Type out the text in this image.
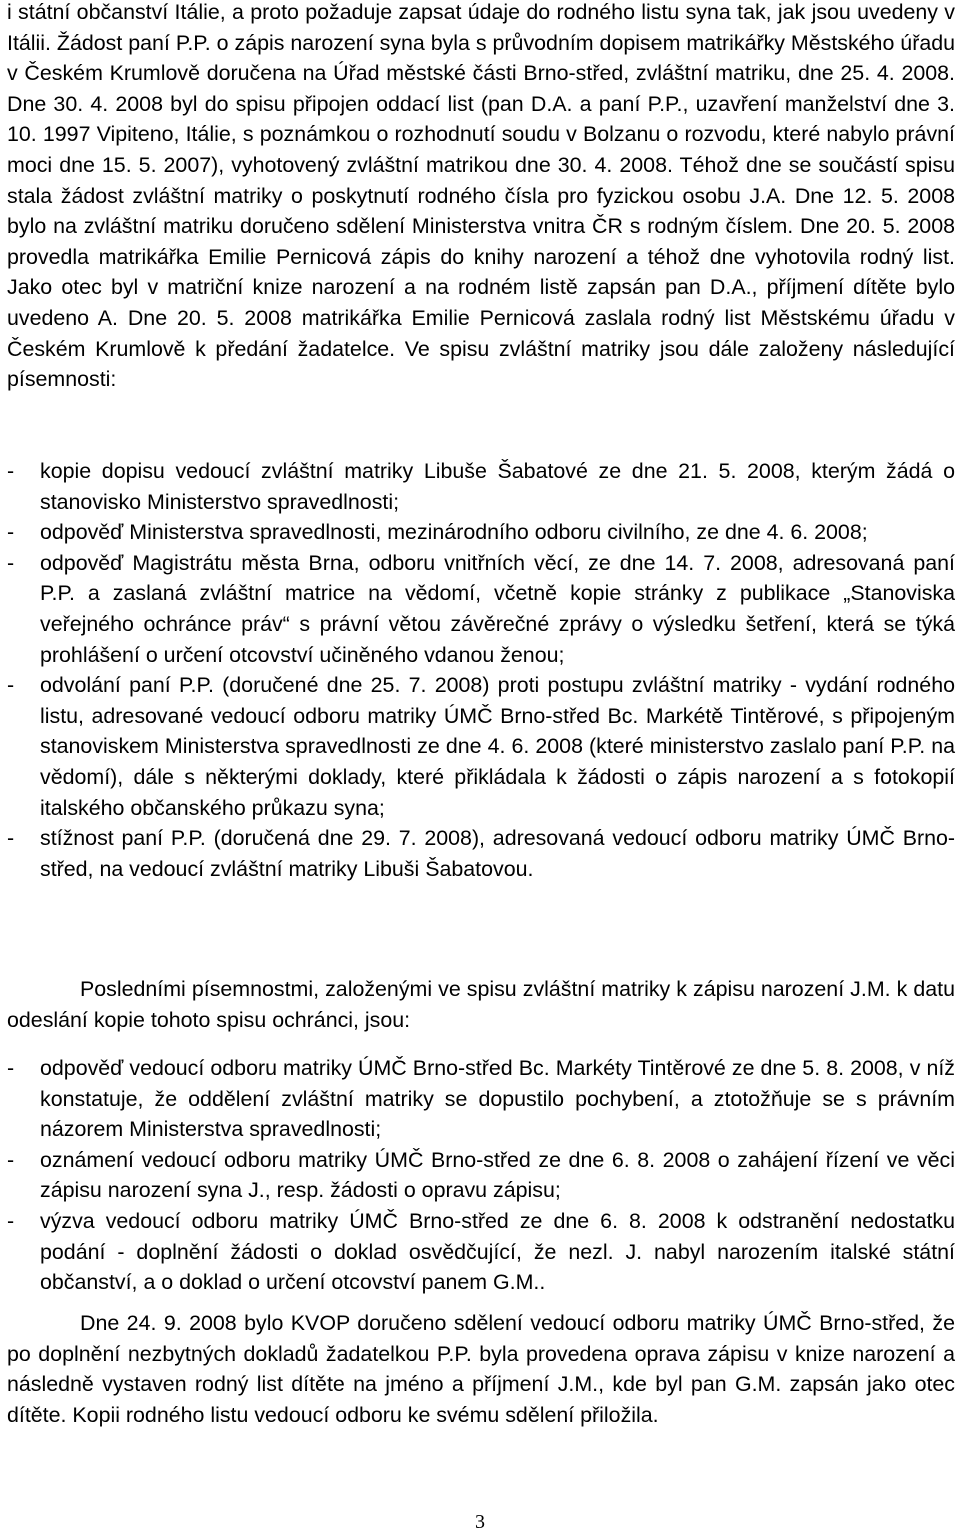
i státní občanství Itálie, a proto požaduje zapsat údaje do rodného listu syna tak, jak jsou uvedeny v Itálii. Žádost paní P.P. o zápis narození syna byla s průvodním dopisem matrikářky Městského úřadu v Českém Krumlově doručena na Úřad městské části Brno-střed, zvláštní matriku, dne 25. 4. 2008. Dne 30. 4. 2008 byl do spisu připojen oddací list (pan D.A. a paní P.P., uzavření manželství dne 3. 10. 1997 Vipiteno, Itálie, s poznámkou o rozhodnutí soudu v Bolzanu o rozvodu, které nabylo právní moci dne 15. 5. 2007), vyhotovený zvláštní matrikou dne 30. 4. 2008. Téhož dne se součástí spisu stala žádost zvláštní matriky o poskytnutí rodného čísla pro fyzickou osobu J.A. Dne 12. 5. 2008 bylo na zvláštní matriku doručeno sdělení Ministerstva vnitra ČR s rodným číslem. Dne 20. 5. 2008 provedla matrikářka Emilie Pernicová zápis do knihy narození a téhož dne vyhotovila rodný list. Jako otec byl v matriční knize narození a na rodném listě zapsán pan D.A., příjmení dítěte bylo uvedeno A. Dne 20. 5. 2008 matrikářka Emilie Pernicová zaslala rodný list Městskému úřadu v Českém Krumlově k předání žadatelce. Ve spisu zvláštní matriky jsou dále založeny následující písemnosti:

- kopie dopisu vedoucí zvláštní matriky Libuše Šabatové ze dne 21. 5. 2008, kterým žádá o stanovisko Ministerstvo spravedlnosti;
- odpověď Ministerstva spravedlnosti, mezinárodního odboru civilního, ze dne 4. 6. 2008;
- odpověď Magistrátu města Brna, odboru vnitřních věcí, ze dne 14. 7. 2008, adresovaná paní P.P. a zaslaná zvláštní matrice na vědomí, včetně kopie stránky z publikace „Stanoviska veřejného ochránce práv“ s právní větou závěrečné zprávy o výsledku šetření, která se týká prohlášení o určení otcovství učiněného vdanou ženou;
- odvolání paní P.P. (doručené dne 25. 7. 2008) proti postupu zvláštní matriky - vydání rodného listu, adresované vedoucí odboru matriky ÚMČ Brno-střed Bc. Markétě Tintěrové, s připojeným stanoviskem Ministerstva spravedlnosti ze dne 4. 6. 2008 (které ministerstvo zaslalo paní P.P. na vědomí), dále s některými doklady, které přikládala k žádosti o zápis narození a s fotokopií italského občanského průkazu syna;
- stížnost paní P.P. (doručená dne 29. 7. 2008), adresovaná vedoucí odboru matriky ÚMČ Brno-střed, na vedoucí zvláštní matriky Libuši Šabatovou.

Posledními písemnostmi, založenými ve spisu zvláštní matriky k zápisu narození J.M. k datu odeslání kopie tohoto spisu ochránci, jsou:

- odpověď vedoucí odboru matriky ÚMČ Brno-střed Bc. Markéty Tintěrové ze dne 5. 8. 2008, v níž konstatuje, že oddělení zvláštní matriky se dopustilo pochybení, a ztotožňuje se s právním názorem Ministerstva spravedlnosti;
- oznámení vedoucí odboru matriky ÚMČ Brno-střed ze dne 6. 8. 2008 o zahájení řízení ve věci zápisu narození syna J., resp. žádosti o opravu zápisu;
- výzva vedoucí odboru matriky ÚMČ Brno-střed ze dne 6. 8. 2008 k odstranění nedostatku podání - doplnění žádosti o doklad osvědčující, že nezl. J. nabyl narozením italské státní občanství, a o doklad o určení otcovství panem G.M..

Dne 24. 9. 2008 bylo KVOP doručeno sdělení vedoucí odboru matriky ÚMČ Brno-střed, že po doplnění nezbytných dokladů žadatelkou P.P. byla provedena oprava zápisu v knize narození a následně vystaven rodný list dítěte na jméno a příjmení J.M., kde byl pan G.M. zapsán jako otec dítěte. Kopii rodného listu vedoucí odboru ke svému sdělení přiložila.

3
